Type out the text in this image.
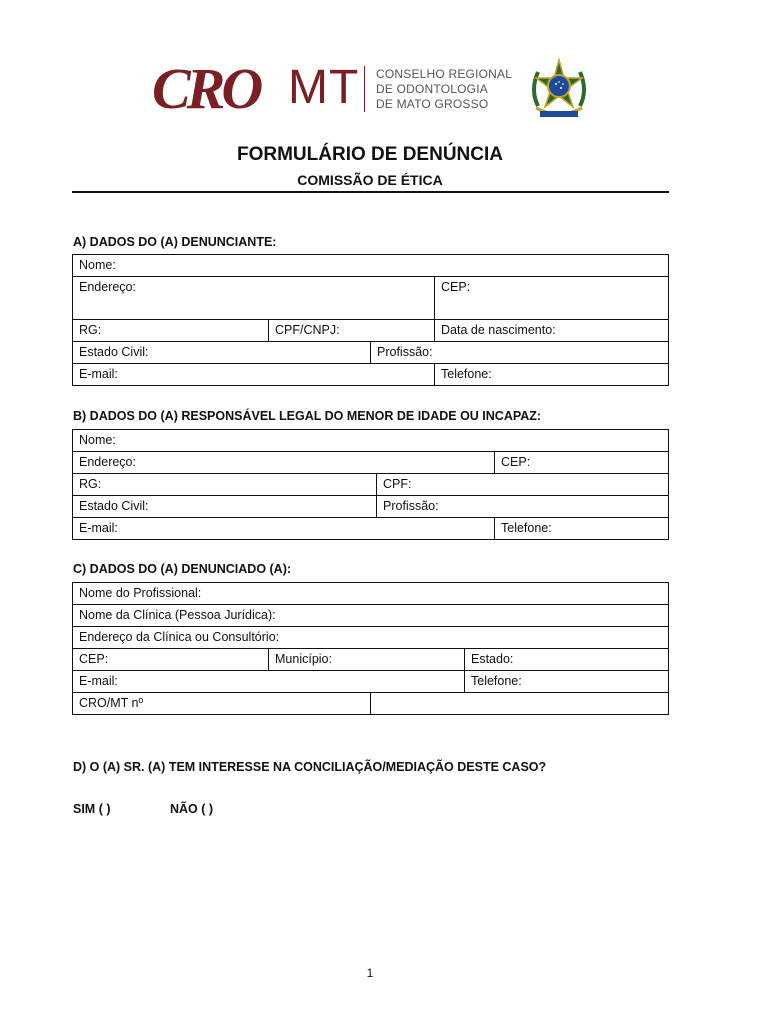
CRO MT CONSELHO REGIONAL
DE ODONTOLOGIA
DE MATO GROSSO
FORMULÁRIO DE DENÚNCIA
COMISSÃO DE ÉTICA
A) DADOS DO (A) DENUNCIANTE:
Nome:			
Endereço:			CEP:
RG:	CPF/CNPJ:		Data de nascimento:
Estado Civil:		Profissão:	
E-mail:			Telefone:
B) DADOS DO (A) RESPONSÁVEL LEGAL DO MENOR DE IDADE OU INCAPAZ:
Nome:		
Endereço:		CEP:
RG:	CPF:	
Estado Civil:	Profissão:	
E-mail:		Telefone:
C) DADOS DO (A) DENUNCIADO (A):
Nome do Profissional:			
Nome da Clínica (Pessoa Jurídica):			
Endereço da Clínica ou Consultório:			
CEP:	Município:		Estado:
E-mail:			Telefone:
CRO/MT nº			
D) O (A) SR. (A) TEM INTERESSE NA CONCILIAÇÃO/MEDIAÇÃO DESTE CASO?
SIM ( )	NÃO ( )
1
